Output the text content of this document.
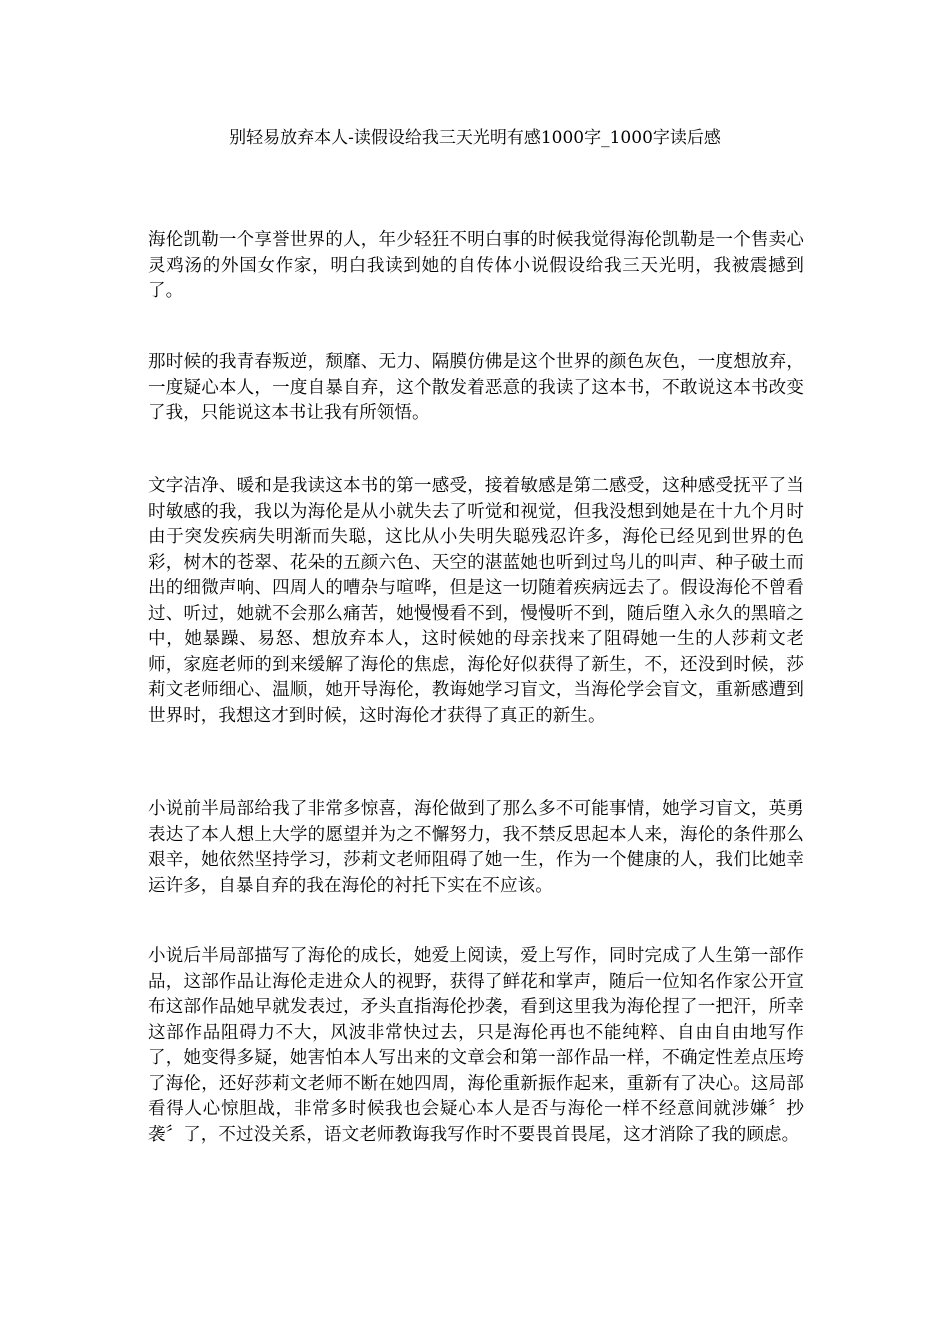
别轻易放弃本人-读假设给我三天光明有感1000字_1000字读后感

海伦凯勒一个享誉世界的人，年少轻狂不明白事的时候我觉得海伦凯勒是一个售卖心灵鸡汤的外国女作家，明白我读到她的自传体小说假设给我三天光明，我被震撼到了。

那时候的我青春叛逆，颓靡、无力、隔膜仿佛是这个世界的颜色灰色，一度想放弃，一度疑心本人，一度自暴自弃，这个散发着恶意的我读了这本书，不敢说这本书改变了我，只能说这本书让我有所领悟。

文字洁净、暖和是我读这本书的第一感受，接着敏感是第二感受，这种感受抚平了当时敏感的我，我以为海伦是从小就失去了听觉和视觉，但我没想到她是在十九个月时由于突发疾病失明渐而失聪，这比从小失明失聪残忍许多，海伦已经见到世界的色彩，树木的苍翠、花朵的五颜六色、天空的湛蓝她也听到过鸟儿的叫声、种子破土而出的细微声响、四周人的嘈杂与喧哗，但是这一切随着疾病远去了。假设海伦不曾看过、听过，她就不会那么痛苦，她慢慢看不到，慢慢听不到，随后堕入永久的黑暗之中，她暴躁、易怒、想放弃本人，这时候她的母亲找来了阻碍她一生的人莎莉文老师，家庭老师的到来缓解了海伦的焦虑，海伦好似获得了新生，不，还没到时候，莎莉文老师细心、温顺，她开导海伦，教诲她学习盲文，当海伦学会盲文，重新感遭到世界时，我想这才到时候，这时海伦才获得了真正的新生。

小说前半局部给我了非常多惊喜，海伦做到了那么多不可能事情，她学习盲文，英勇表达了本人想上大学的愿望并为之不懈努力，我不禁反思起本人来，海伦的条件那么艰辛，她依然坚持学习，莎莉文老师阻碍了她一生，作为一个健康的人，我们比她幸运许多，自暴自弃的我在海伦的衬托下实在不应该。

小说后半局部描写了海伦的成长，她爱上阅读，爱上写作，同时完成了人生第一部作品，这部作品让海伦走进众人的视野，获得了鲜花和掌声，随后一位知名作家公开宣布这部作品她早就发表过，矛头直指海伦抄袭，看到这里我为海伦捏了一把汗，所幸这部作品阻碍力不大，风波非常快过去，只是海伦再也不能纯粹、自由自由地写作了，她变得多疑，她害怕本人写出来的文章会和第一部作品一样，不确定性差点压垮了海伦，还好莎莉文老师不断在她四周，海伦重新振作起来，重新有了决心。这局部看得人心惊胆战，非常多时候我也会疑心本人是否与海伦一样不经意间就涉嫌〞抄袭〞了，不过没关系，语文老师教诲我写作时不要畏首畏尾，这才消除了我的顾虑。
